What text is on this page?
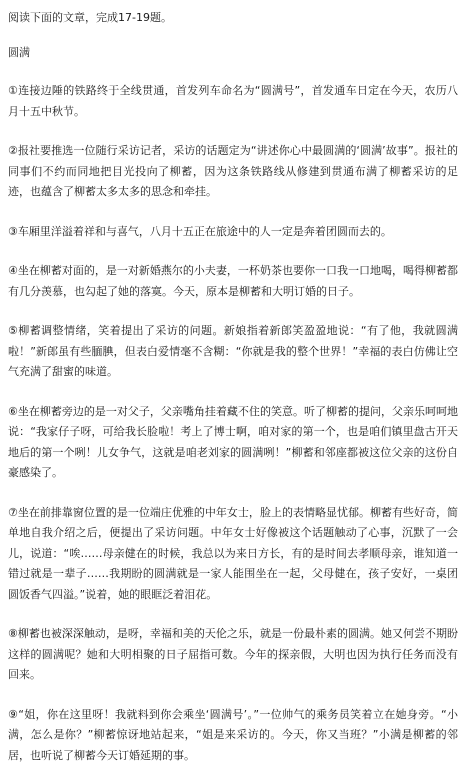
阅读下面的文章，完成17-19题。
圆满

①连接边陲的铁路终于全线贯通，首发列车命名为“圆满号”，首发通车日定在今天，农历八月十五中秋节。

②报社要推选一位随行采访记者，采访的话题定为“讲述你心中最圆满的‘圆满’故事”。报社的同事们不约而同地把目光投向了柳蓄，因为这条铁路线从修建到贯通布满了柳蓄采访的足迹，也蕴含了柳蓄太多太多的思念和牵挂。

③车厢里洋溢着祥和与喜气，八月十五正在旅途中的人一定是奔着团圆而去的。

④坐在柳蓄对面的，是一对新婚燕尔的小夫妻，一杯奶茶也要你一口我一口地喝，喝得柳蓄都有几分羡慕，也勾起了她的落寞。今天，原本是柳蓄和大明订婚的日子。

⑤柳蓄调整情绪，笑着提出了采访的问题。新娘指着新郎笑盈盈地说：“有了他，我就圆满啦！”新郎虽有些腼腆，但表白爱情毫不含糊：“你就是我的整个世界！”幸福的表白仿佛让空气充满了甜蜜的味道。

⑥坐在柳蓄旁边的是一对父子，父亲嘴角挂着藏不住的笑意。听了柳蓄的提问，父亲乐呵呵地说：“我家仔子呀，可给我长脸啦！考上了博士啊，咱对家的第一个，也是咱们镇里盘古开天地后的第一个咧！儿女争气，这就是咱老刘家的圆满咧！”柳蓄和邻座都被这位父亲的这份自豪感染了。

⑦坐在前排靠窗位置的是一位端庄优雅的中年女士，脸上的表情略显忧郁。柳蓄有些好奇，简单地自我介绍之后，便提出了采访问题。中年女士好像被这个话题触动了心事，沉默了一会儿，说道：“唉……母亲健在的时候，我总以为来日方长，有的是时间去孝顺母亲，谁知道一错过就是一辈子……我期盼的圆满就是一家人能围坐在一起，父母健在，孩子安好，一桌团圆饭香气四溢。”说着，她的眼眶泛着泪花。

⑧柳蓄也被深深触动，是呀，幸福和美的天伦之乐，就是一份最朴素的圆满。她又何尝不期盼这样的圆满呢？她和大明相聚的日子屈指可数。今年的探亲假，大明也因为执行任务而没有回来。

⑨“姐，你在这里呀！我就料到你会乘坐‘圆满号’。”一位帅气的乘务员笑着立在她身旁。“小满，怎么是你？”柳蓄惊讶地站起来，“姐是来采访的。今天，你又当班？”小满是柳蓄的邻居，也听说了柳蓄今天订婚延期的事。
